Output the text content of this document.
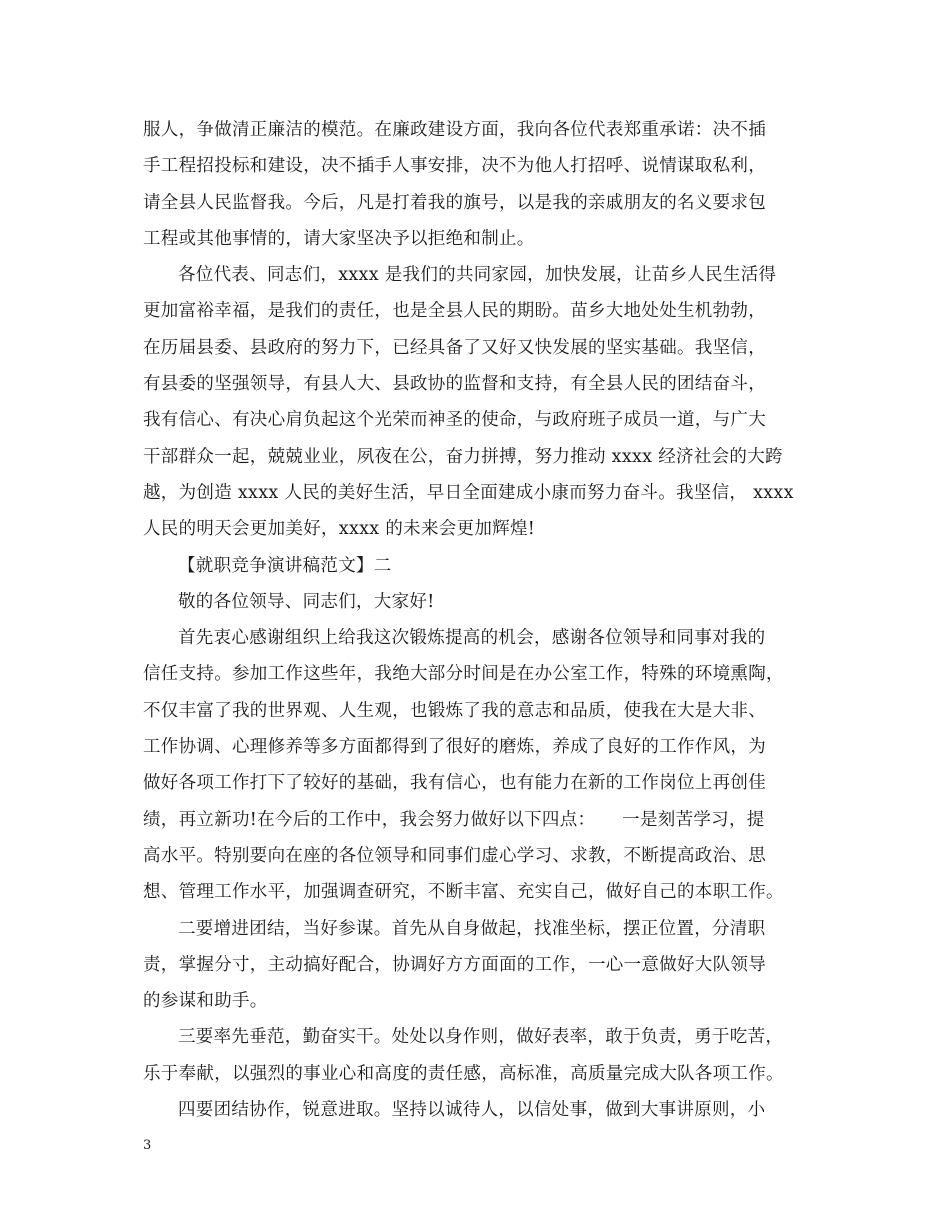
服人，争做清正廉洁的模范。在廉政建设方面，我向各位代表郑重承诺：决不插
手工程招投标和建设，决不插手人事安排，决不为他人打招呼、说情谋取私利，
请全县人民监督我。今后，凡是打着我的旗号，以是我的亲戚朋友的名义要求包
工程或其他事情的，请大家坚决予以拒绝和制止。
各位代表、同志们，xxxx 是我们的共同家园，加快发展，让苗乡人民生活得
更加富裕幸福，是我们的责任，也是全县人民的期盼。苗乡大地处处生机勃勃，
在历届县委、县政府的努力下，已经具备了又好又快发展的坚实基础。我坚信，
有县委的坚强领导，有县人大、县政协的监督和支持，有全县人民的团结奋斗，
我有信心、有决心肩负起这个光荣而神圣的使命，与政府班子成员一道，与广大
干部群众一起，兢兢业业，夙夜在公，奋力拼搏，努力推动 xxxx 经济社会的大跨
越，为创造 xxxx 人民的美好生活，早日全面建成小康而努力奋斗。我坚信， xxxx
人民的明天会更加美好，xxxx 的未来会更加辉煌!
【就职竞争演讲稿范文】二
敬的各位领导、同志们，大家好!
首先衷心感谢组织上给我这次锻炼提高的机会，感谢各位领导和同事对我的
信任支持。参加工作这些年，我绝大部分时间是在办公室工作，特殊的环境熏陶，
不仅丰富了我的世界观、人生观，也锻炼了我的意志和品质，使我在大是大非、
工作协调、心理修养等多方面都得到了很好的磨炼，养成了良好的工作作风，为
做好各项工作打下了较好的基础，我有信心，也有能力在新的工作岗位上再创佳
绩，再立新功!在今后的工作中，我会努力做好以下四点：　　一是刻苦学习，提
高水平。特别要向在座的各位领导和同事们虚心学习、求教，不断提高政治、思
想、管理工作水平，加强调查研究，不断丰富、充实自己，做好自己的本职工作。
二要增进团结，当好参谋。首先从自身做起，找准坐标，摆正位置，分清职
责，掌握分寸，主动搞好配合，协调好方方面面的工作，一心一意做好大队领导
的参谋和助手。
三要率先垂范，勤奋实干。处处以身作则，做好表率，敢于负责，勇于吃苦，
乐于奉献，以强烈的事业心和高度的责任感，高标准，高质量完成大队各项工作。
四要团结协作，锐意进取。坚持以诚待人，以信处事，做到大事讲原则，小
3
